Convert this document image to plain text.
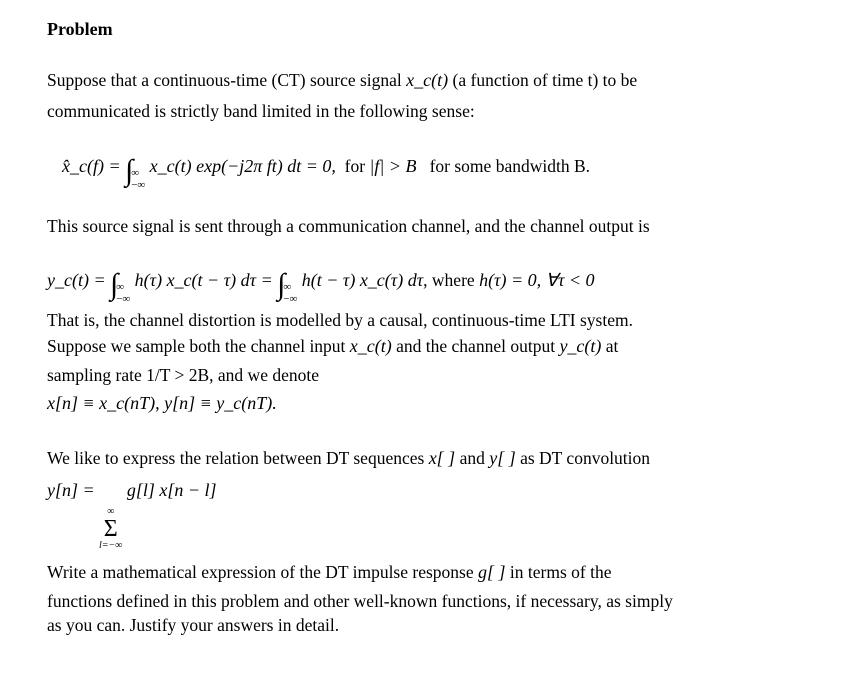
Problem
Suppose that a continuous-time (CT) source signal x_c(t) (a function of time t) to be
communicated is strictly band limited in the following sense:
x̂_c(f) = ∫
∞
−∞
x_c(t) exp(−j2π ft) dt = 0, for |f| > B for some bandwidth B.
This source signal is sent through a communication channel, and the channel output is
y_c(t) = ∫
∞
−∞
h(τ) x_c(t − τ) dτ = ∫
∞
−∞
h(t − τ) x_c(τ) dτ, where h(τ) = 0, ∀τ < 0
That is, the channel distortion is modelled by a causal, continuous-time LTI system.
Suppose we sample both the channel input x_c(t) and the channel output y_c(t) at
sampling rate 1/T > 2B, and we denote
x[n] ≡ x_c(nT), y[n] ≡ y_c(nT).
We like to express the relation between DT sequences x[ ] and y[ ] as DT convolution
y[n] =
∞
Σ
l=−∞
g[l] x[n − l]
Write a mathematical expression of the DT impulse response g[ ] in terms of the
functions defined in this problem and other well-known functions, if necessary, as simply
as you can. Justify your answers in detail.
